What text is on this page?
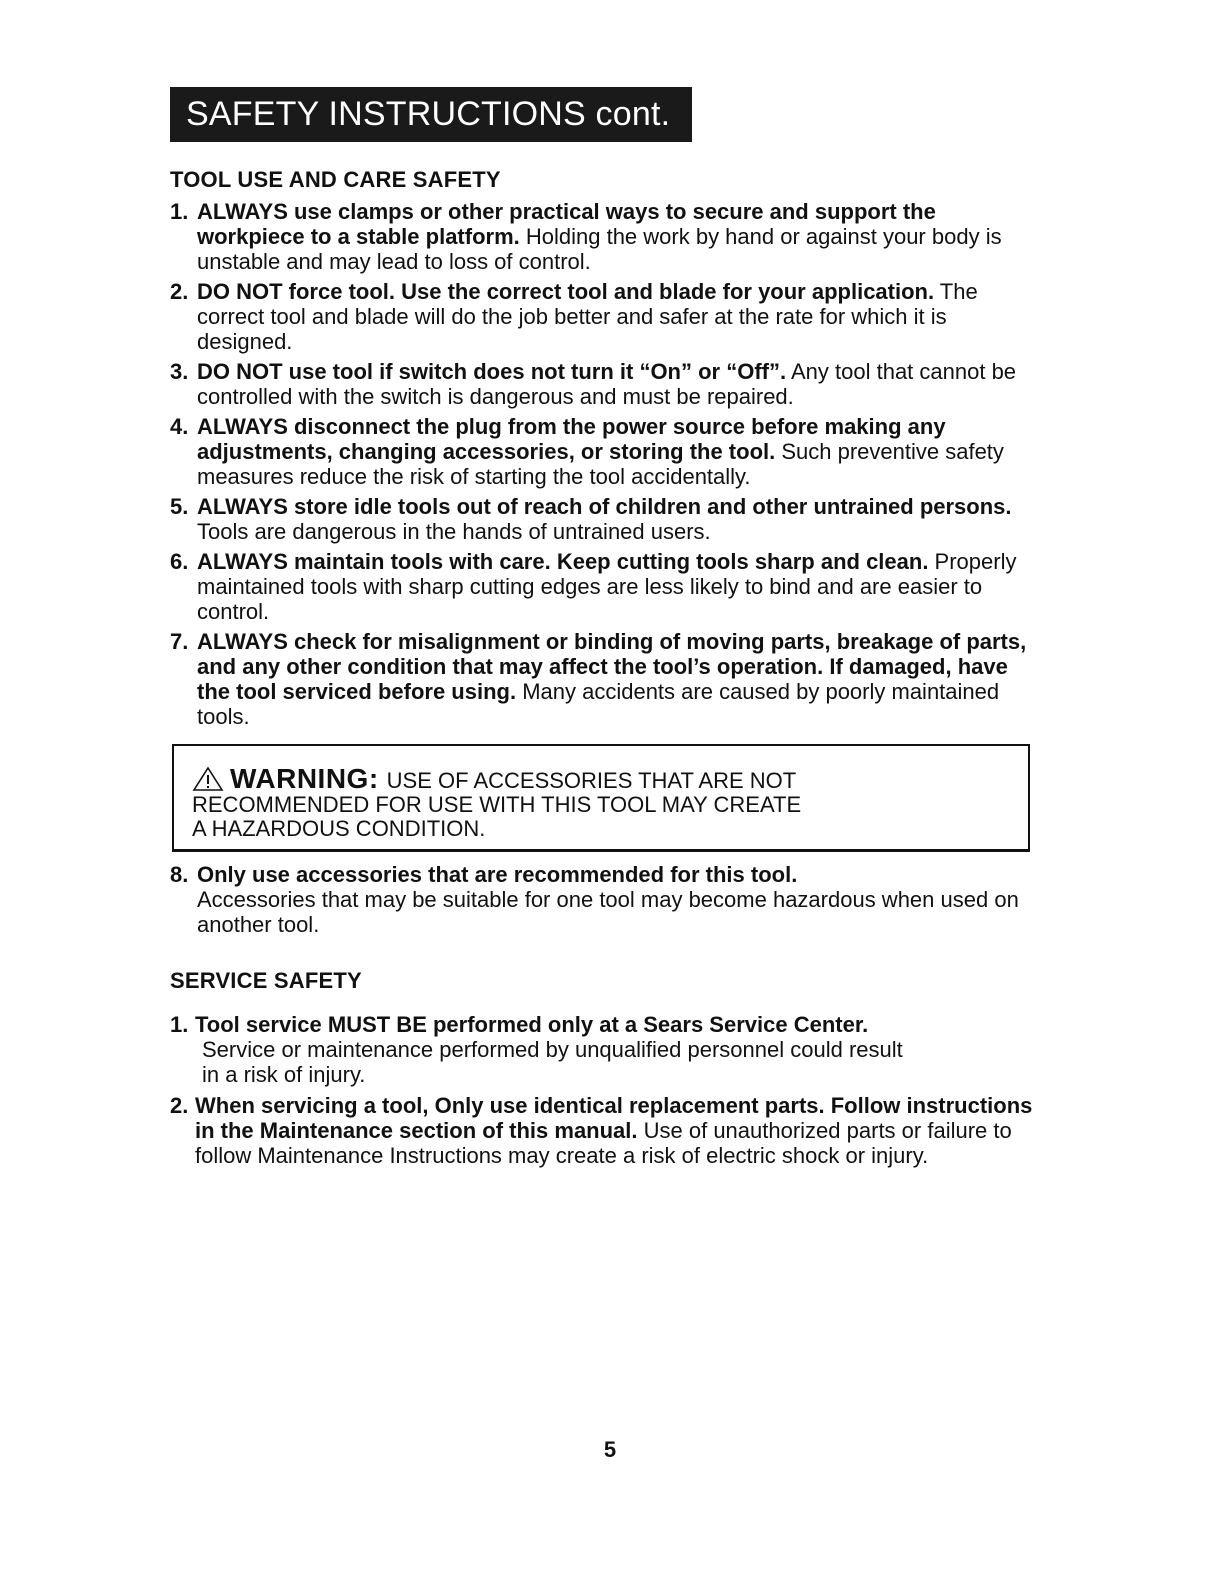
SAFETY INSTRUCTIONS cont.
TOOL USE AND CARE SAFETY
1. ALWAYS use clamps or other practical ways to secure and support the workpiece to a stable platform. Holding the work by hand or against your body is unstable and may lead to loss of control.
2. DO NOT force tool. Use the correct tool and blade for your application. The correct tool and blade will do the job better and safer at the rate for which it is designed.
3. DO NOT use tool if switch does not turn it “On” or “Off”. Any tool that cannot be controlled with the switch is dangerous and must be repaired.
4. ALWAYS disconnect the plug from the power source before making any adjustments, changing accessories, or storing the tool. Such preventive safety measures reduce the risk of starting the tool accidentally.
5. ALWAYS store idle tools out of reach of children and other untrained persons. Tools are dangerous in the hands of untrained users.
6. ALWAYS maintain tools with care. Keep cutting tools sharp and clean. Properly maintained tools with sharp cutting edges are less likely to bind and are easier to control.
7. ALWAYS check for misalignment or binding of moving parts, breakage of parts, and any other condition that may affect the tool’s operation. If damaged, have the tool serviced before using. Many accidents are caused by poorly maintained tools.
WARNING: USE OF ACCESSORIES THAT ARE NOT
RECOMMENDED FOR USE WITH THIS TOOL MAY CREATE
A HAZARDOUS CONDITION.
8. Only use accessories that are recommended for this tool.
Accessories that may be suitable for one tool may become hazardous when used on another tool.
SERVICE SAFETY
1. Tool service MUST BE performed only at a Sears Service Center.
Service or maintenance performed by unqualified personnel could result in a risk of injury.
2. When servicing a tool, Only use identical replacement parts. Follow instructions in the Maintenance section of this manual. Use of unauthorized parts or failure to follow Maintenance Instructions may create a risk of electric shock or injury.
5
